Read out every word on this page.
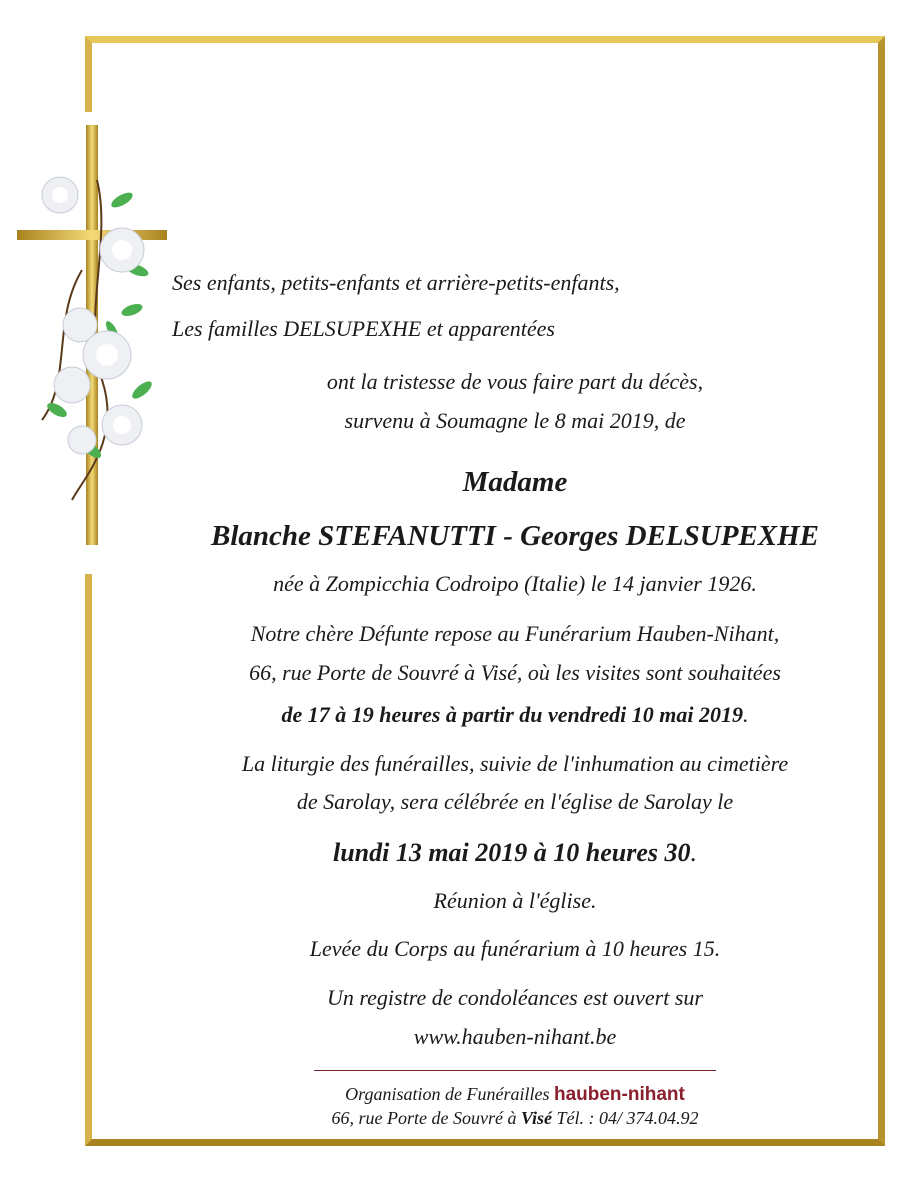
Ses enfants, petits-enfants et arrière-petits-enfants,
Les familles DELSUPEXHE et apparentées
ont la tristesse de vous faire part du décès,
survenu à Soumagne le 8 mai 2019, de
Madame
Blanche STEFANUTTI - Georges DELSUPEXHE
née à Zompicchia Codroipo (Italie) le 14 janvier 1926.
Notre chère Défunte repose au Funérarium Hauben-Nihant,
66, rue Porte de Souvré à Visé, où les visites sont souhaitées
de 17 à 19 heures à partir du vendredi 10 mai 2019.
La liturgie des funérailles, suivie de l'inhumation au cimetière
de Sarolay, sera célébrée en l'église de Sarolay le
lundi 13 mai 2019 à 10 heures 30.
Réunion à l'église.
Levée du Corps au funérarium à 10 heures 15.
Un registre de condoléances est ouvert sur
www.hauben-nihant.be
Organisation de Funérailles hauben-nihant
66, rue Porte de Souvré à Visé Tél. : 04/ 374.04.92
